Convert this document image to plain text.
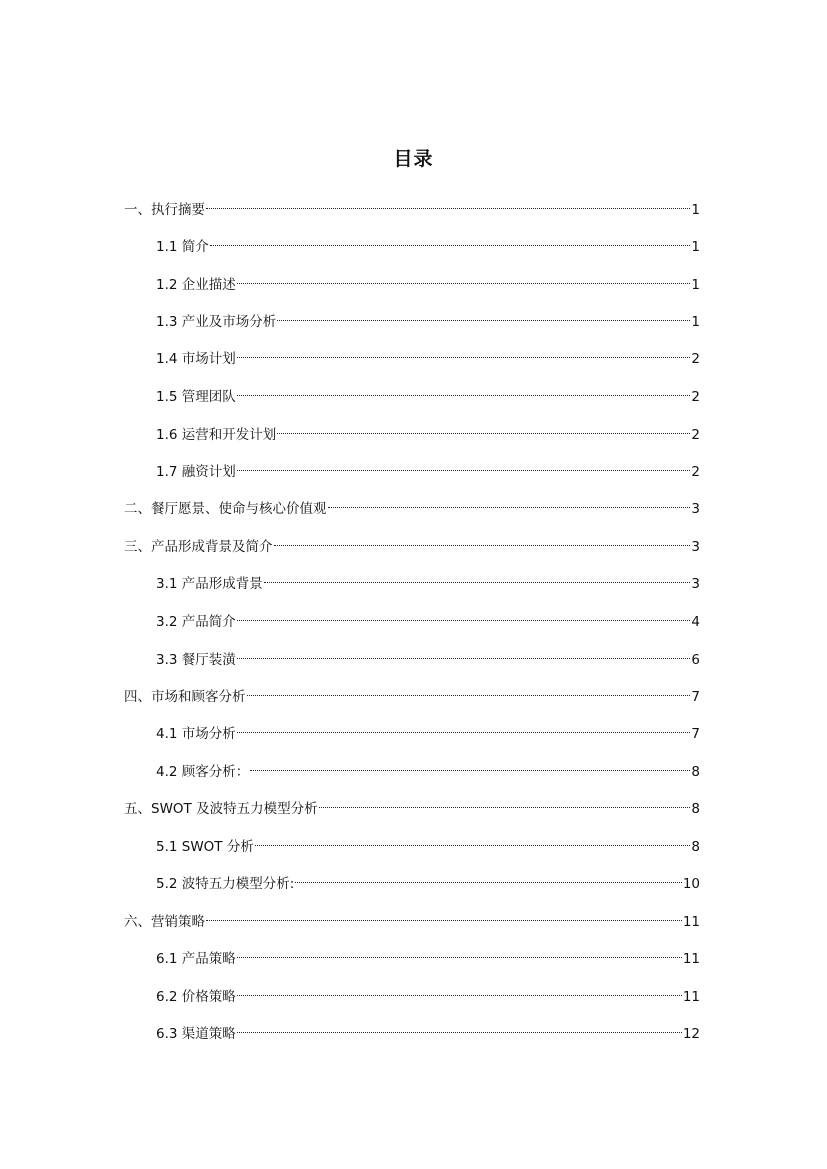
目录
一、执行摘要	1
1.1 简介	1
1.2 企业描述	1
1.3 产业及市场分析	1
1.4 市场计划	2
1.5 管理团队	2
1.6 运营和开发计划	2
1.7 融资计划	2
二、餐厅愿景、使命与核心价值观	3
三、产品形成背景及简介	3
3.1 产品形成背景	3
3.2 产品简介	4
3.3 餐厅装潢	6
四、市场和顾客分析	7
4.1 市场分析	7
4.2 顾客分析：	8
五、SWOT 及波特五力模型分析	8
5.1 SWOT 分析	8
5.2 波特五力模型分析:	10
六、营销策略	11
6.1 产品策略	11
6.2 价格策略	11
6.3 渠道策略	12
